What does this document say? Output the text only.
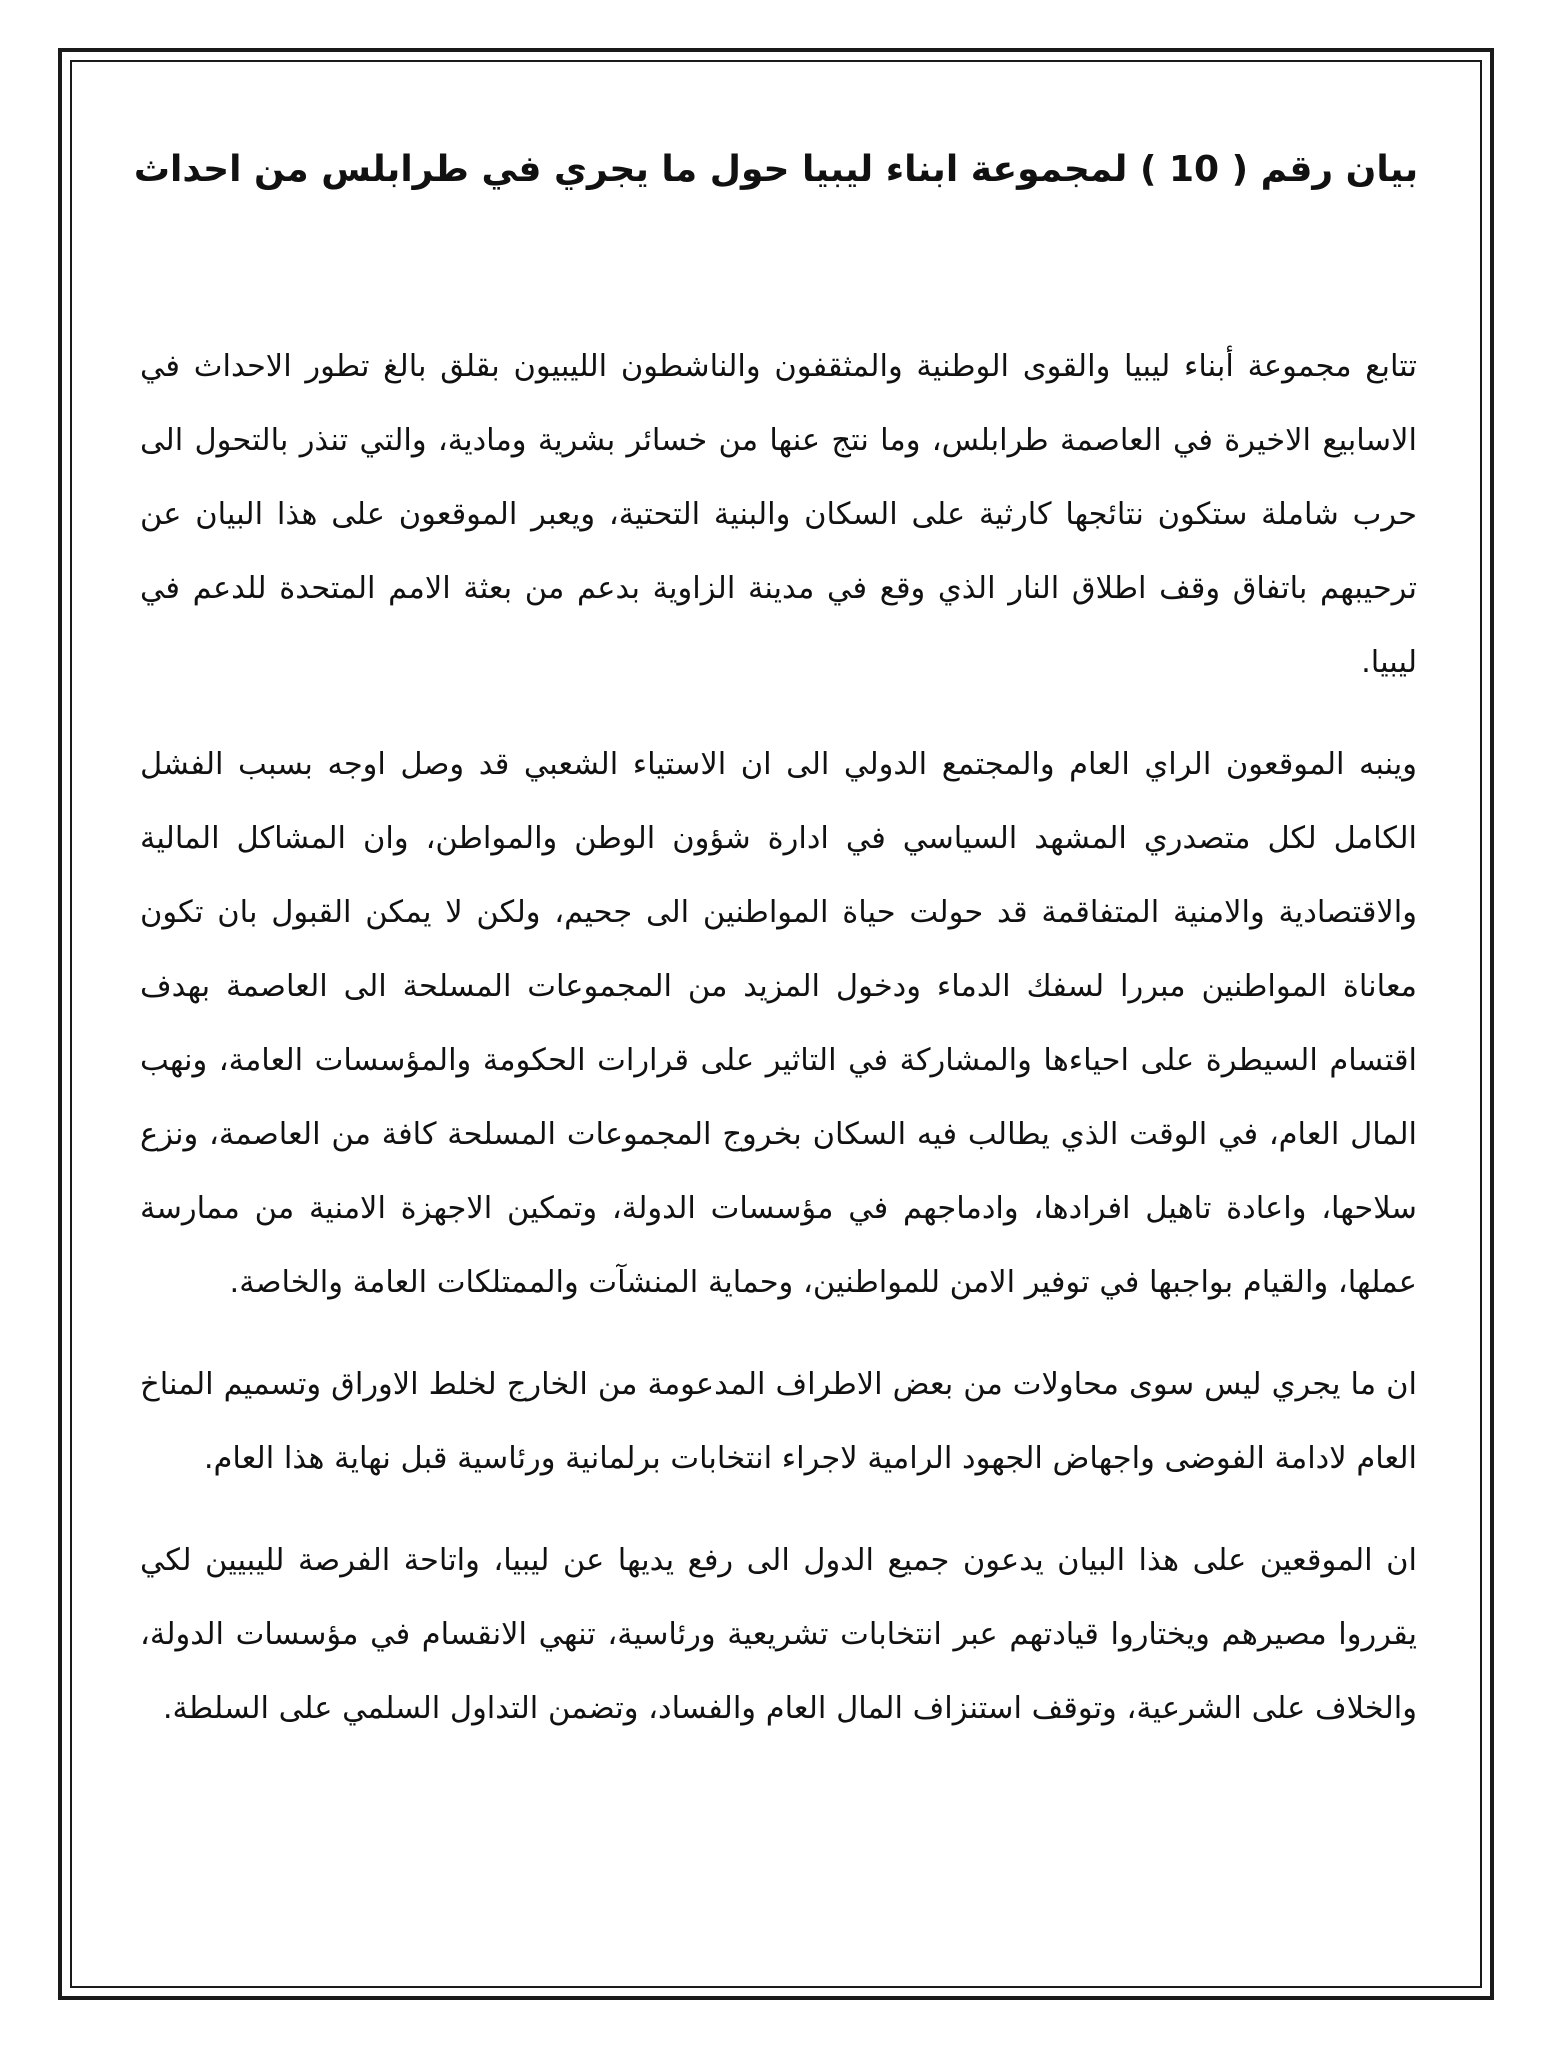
بيان رقم ( 10 ) لمجموعة ابناء ليبيا حول ما يجري في طرابلس من احداث

تتابع مجموعة أبناء ليبيا والقوى الوطنية والمثقفون والناشطون الليبيون بقلق بالغ تطور الاحداث في الاسابيع الاخيرة في العاصمة طرابلس، وما نتج عنها من خسائر بشرية ومادية، والتي تنذر بالتحول الى حرب شاملة ستكون نتائجها كارثية على السكان والبنية التحتية، ويعبر الموقعون على هذا البيان عن ترحيبهم باتفاق وقف اطلاق النار الذي وقع في مدينة الزاوية بدعم من بعثة الامم المتحدة للدعم في ليبيا.

وينبه الموقعون الراي العام والمجتمع الدولي الى ان الاستياء الشعبي قد وصل اوجه بسبب الفشل الكامل لكل متصدري المشهد السياسي في ادارة شؤون الوطن والمواطن، وان المشاكل المالية والاقتصادية والامنية المتفاقمة قد حولت حياة المواطنين الى جحيم، ولكن لا يمكن القبول بان تكون معاناة المواطنين مبررا لسفك الدماء ودخول المزيد من المجموعات المسلحة الى العاصمة بهدف اقتسام السيطرة على احياءها والمشاركة في التاثير على قرارات الحكومة والمؤسسات العامة، ونهب المال العام، في الوقت الذي يطالب فيه السكان بخروج المجموعات المسلحة كافة من العاصمة، ونزع سلاحها، واعادة تاهيل افرادها، وادماجهم في مؤسسات الدولة، وتمكين الاجهزة الامنية من ممارسة عملها، والقيام بواجبها في توفير الامن للمواطنين، وحماية المنشآت والممتلكات العامة والخاصة.

ان ما يجري ليس سوى محاولات من بعض الاطراف المدعومة من الخارج لخلط الاوراق وتسميم المناخ العام لادامة الفوضى واجهاض الجهود الرامية لاجراء انتخابات برلمانية ورئاسية قبل نهاية هذا العام.

ان الموقعين على هذا البيان يدعون جميع الدول الى رفع يديها عن ليبيا، واتاحة الفرصة لليبيين لكي يقرروا مصيرهم ويختاروا قيادتهم عبر انتخابات تشريعية ورئاسية، تنهي الانقسام في مؤسسات الدولة، والخلاف على الشرعية، وتوقف استنزاف المال العام والفساد، وتضمن التداول السلمي على السلطة.
